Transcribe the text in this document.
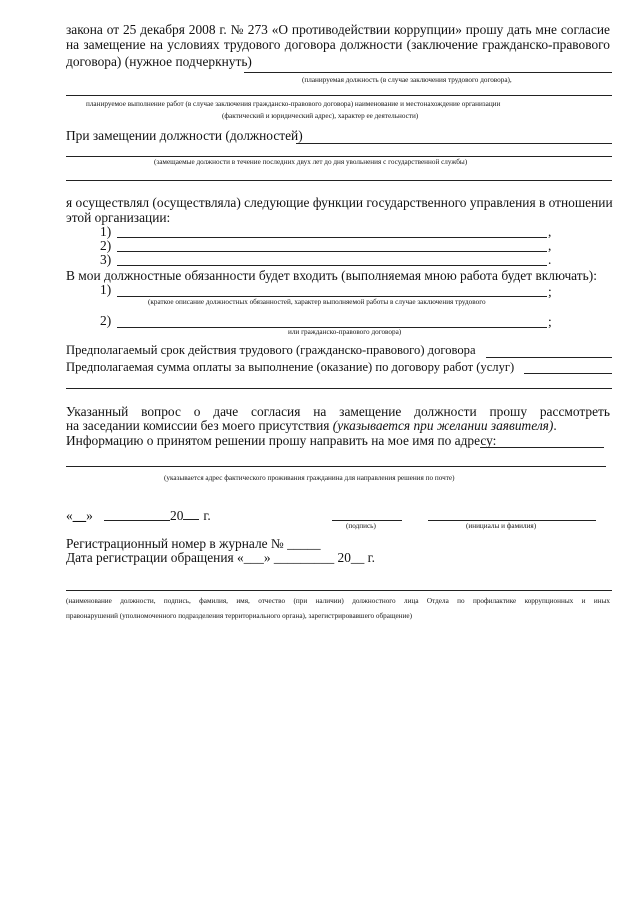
закона от 25 декабря 2008 г. № 273 «О противодействии коррупции» прошу дать мне согласие
на замещение на условиях трудового договора должности (заключение гражданско-правового
договора) (нужное подчеркнуть)
(планируемая должность (в случае заключения трудового договора),
планируемое выполнение работ (в случае заключения гражданско-правового договора) наименование и местонахождение организации
(фактический и юридический адрес), характер ее деятельности)
При замещении должности (должностей)
(замещаемые должности в течение последних двух лет до дня увольнения с государственной службы)
я осуществлял (осуществляла) следующие функции государственного управления в отношении
этой организации:
1)	,
2)	,
3)	.
В мои должностные обязанности будет входить (выполняемая мною работа будет включать):
1)	;
(краткое описание должностных обязанностей, характер выполняемой работы в случае заключения трудового
2)	;
или гражданско-правового договора)
Предполагаемый срок действия трудового (гражданско-правового) договора
Предполагаемая сумма оплаты за выполнение (оказание) по договору работ (услуг)
Указанный вопрос о даче согласия на замещение должности прошу рассмотреть
на заседании комиссии без моего присутствия (указывается при желании заявителя).
Информацию о принятом решении прошу направить на мое имя по адресу:
(указывается адрес фактического проживания гражданина для направления решения по почте)
«__»	20 г.
(подпись)	(инициалы и фамилия)
Регистрационный номер в журнале № _____
Дата регистрации обращения «___» _________ 20__ г.
(наименование должности, подпись, фамилия, имя, отчество (при наличии) должностного лица Отдела по профилактике коррупционных и иных
правонарушений (уполномоченного подразделения территориального органа), зарегистрировавшего обращение)
